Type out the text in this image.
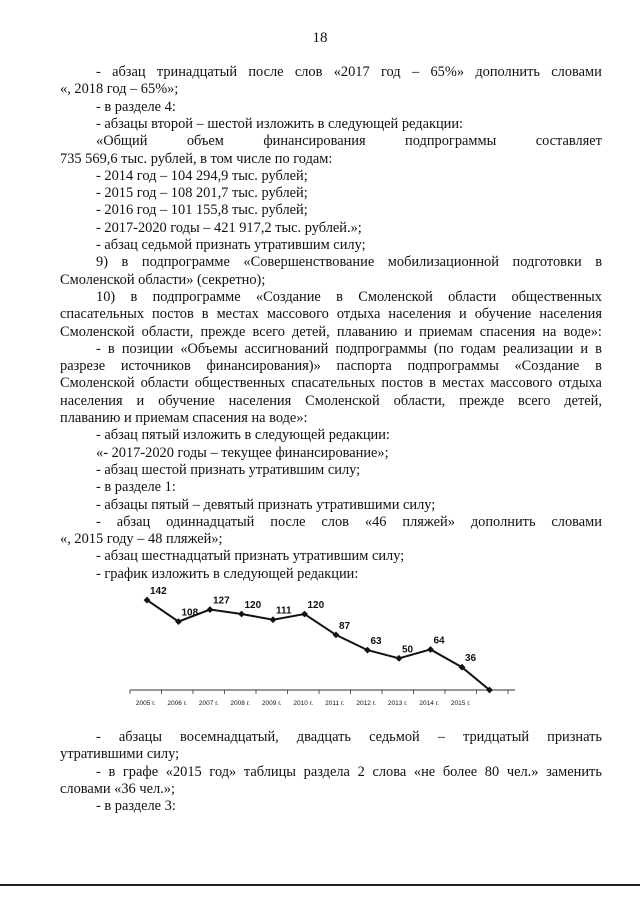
18
- абзац тринадцатый после слов «2017 год – 65%» дополнить словами
«, 2018 год – 65%»;
- в разделе 4:
- абзацы второй – шестой изложить в следующей редакции:
«Общий	объем	финансирования	подпрограммы	составляет
735 569,6 тыс. рублей, в том числе по годам:
- 2014 год – 104 294,9 тыс. рублей;
- 2015 год – 108 201,7 тыс. рублей;
- 2016 год – 101 155,8 тыс. рублей;
- 2017-2020 годы – 421 917,2 тыс. рублей.»;
- абзац седьмой признать утратившим силу;
9) в подпрограмме «Совершенствование мобилизационной подготовки в
Смоленской области» (секретно);
10) в подпрограмме «Создание в Смоленской области общественных
спасательных постов в местах массового отдыха населения и обучение населения
Смоленской области, прежде всего детей, плаванию и приемам спасения на воде»:
- в позиции «Объемы ассигнований подпрограммы (по годам реализации и в
разрезе источников финансирования)» паспорта подпрограммы «Создание в
Смоленской области общественных спасательных постов в местах массового отдыха
населения и обучение населения Смоленской области, прежде всего детей,
плаванию и приемам спасения на воде»:
- абзац пятый изложить в следующей редакции:
«- 2017-2020 годы – текущее финансирование»;
- абзац шестой признать утратившим силу;
- в разделе 1:
- абзацы пятый – девятый признать утратившими силу;
- абзац одиннадцатый после слов «46 пляжей» дополнить словами
«, 2015 году – 48 пляжей»;
- абзац шестнадцатый признать утратившим силу;
- график изложить в следующей редакции:
142
108
127 120
111
120
87
63
50
64
36
2005 г. 2006 г. 2007 г. 2008 г. 2009 г. 2010 г. 2011 г. 2012 г. 2013 г. 2014 г. 2015 г.
- абзацы восемнадцатый, двадцать седьмой – тридцатый признать
утратившими силу;
- в графе «2015 год» таблицы раздела 2 слова «не более 80 чел.» заменить
словами «36 чел.»;
- в разделе 3:
